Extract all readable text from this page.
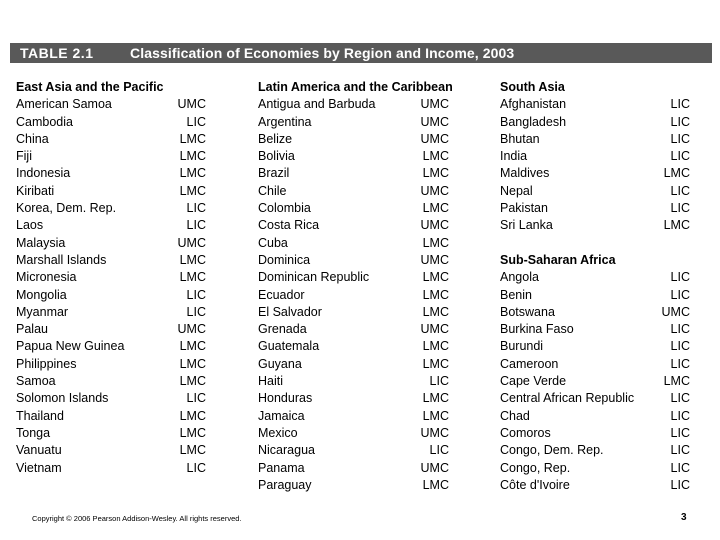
TABLE 2.1	Classification of Economies by Region and Income, 2003
East Asia and the Pacific
American Samoa	UMC
Cambodia	LIC
China	LMC
Fiji	LMC
Indonesia	LMC
Kiribati	LMC
Korea, Dem. Rep.	LIC
Laos	LIC
Malaysia	UMC
Marshall Islands	LMC
Micronesia	LMC
Mongolia	LIC
Myanmar	LIC
Palau	UMC
Papua New Guinea	LMC
Philippines	LMC
Samoa	LMC
Solomon Islands	LIC
Thailand	LMC
Tonga	LMC
Vanuatu	LMC
Vietnam	LIC
Latin America and the Caribbean
Antigua and Barbuda	UMC
Argentina	UMC
Belize	UMC
Bolivia	LMC
Brazil	LMC
Chile	UMC
Colombia	LMC
Costa Rica	UMC
Cuba	LMC
Dominica	UMC
Dominican Republic	LMC
Ecuador	LMC
El Salvador	LMC
Grenada	UMC
Guatemala	LMC
Guyana	LMC
Haiti	LIC
Honduras	LMC
Jamaica	LMC
Mexico	UMC
Nicaragua	LIC
Panama	UMC
Paraguay	LMC
South Asia
Afghanistan	LIC
Bangladesh	LIC
Bhutan	LIC
India	LIC
Maldives	LMC
Nepal	LIC
Pakistan	LIC
Sri Lanka	LMC
Sub-Saharan Africa
Angola	LIC
Benin	LIC
Botswana	UMC
Burkina Faso	LIC
Burundi	LIC
Cameroon	LIC
Cape Verde	LMC
Central African Republic	LIC
Chad	LIC
Comoros	LIC
Congo, Dem. Rep.	LIC
Congo, Rep.	LIC
Côte d'Ivoire	LIC
Copyright © 2006 Pearson Addison-Wesley. All rights reserved.	3
